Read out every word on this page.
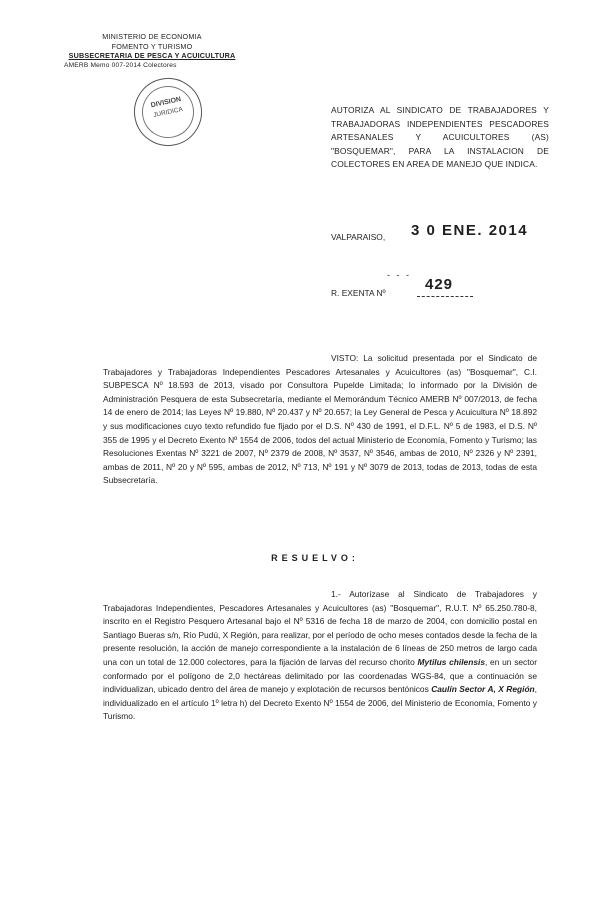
MINISTERIO DE ECONOMIA
FOMENTO Y TURISMO
SUBSECRETARIA DE PESCA Y ACUICULTURA
AMERB Memo 007-2014 Colectores
DIVISION
JURIDICA	AUTORIZA AL SINDICATO DE TRABAJADORES Y TRABAJADORAS INDEPENDIENTES PESCADORES ARTESANALES Y ACUICULTORES (AS) "BOSQUEMAR", PARA LA INSTALACION DE COLECTORES EN AREA DE MANEJO QUE INDICA.
VALPARAISO, 3 0 ENE. 2014
- - -
R. EXENTA Nº	429
VISTO: La solicitud presentada por el Sindicato de Trabajadores y Trabajadoras Independientes Pescadores Artesanales y Acuicultores (as) "Bosquemar", C.I. SUBPESCA Nº 18.593 de 2013, visado por Consultora Pupelde Limitada; lo informado por la División de Administración Pesquera de esta Subsecretaría, mediante el Memorándum Técnico AMERB Nº 007/2013, de fecha 14 de enero de 2014; las Leyes Nº 19.880, Nº 20.437 y Nº 20.657; la Ley General de Pesca y Acuicultura Nº 18.892 y sus modificaciones cuyo texto refundido fue fijado por el D.S. Nº 430 de 1991, el D.F.L. Nº 5 de 1983, el D.S. Nº 355 de 1995 y el Decreto Exento Nº 1554 de 2006, todos del actual Ministerio de Economía, Fomento y Turismo; las Resoluciones Exentas Nº 3221 de 2007, Nº 2379 de 2008, Nº 3537, Nº 3546, ambas de 2010, Nº 2326 y Nº 2391, ambas de 2011, Nº 20 y Nº 595, ambas de 2012, Nº 713, Nº 191 y Nº 3079 de 2013, todas de 2013, todas de esta Subsecretaría.
RESUELVO:
1.- Autorízase al Sindicato de Trabajadores y Trabajadoras Independientes, Pescadores Artesanales y Acuicultores (as) "Bosquemar", R.U.T. Nº 65.250.780-8, inscrito en el Registro Pesquero Artesanal bajo el Nº 5316 de fecha 18 de marzo de 2004, con domicilio postal en Santiago Bueras s/n, Río Pudú, X Región, para realizar, por el período de ocho meses contados desde la fecha de la presente resolución, la acción de manejo correspondiente a la instalación de 6 líneas de 250 metros de largo cada una con un total de 12.000 colectores, para la fijación de larvas del recurso chorito Mytilus chilensis, en un sector conformado por el polígono de 2,0 hectáreas delimitado por las coordenadas WGS-84, que a continuación se individualizan, ubicado dentro del área de manejo y explotación de recursos bentónicos Caulín Sector A, X Región, individualizado en el artículo 1º letra h) del Decreto Exento Nº 1554 de 2006, del Ministerio de Economía, Fomento y Turismo.
